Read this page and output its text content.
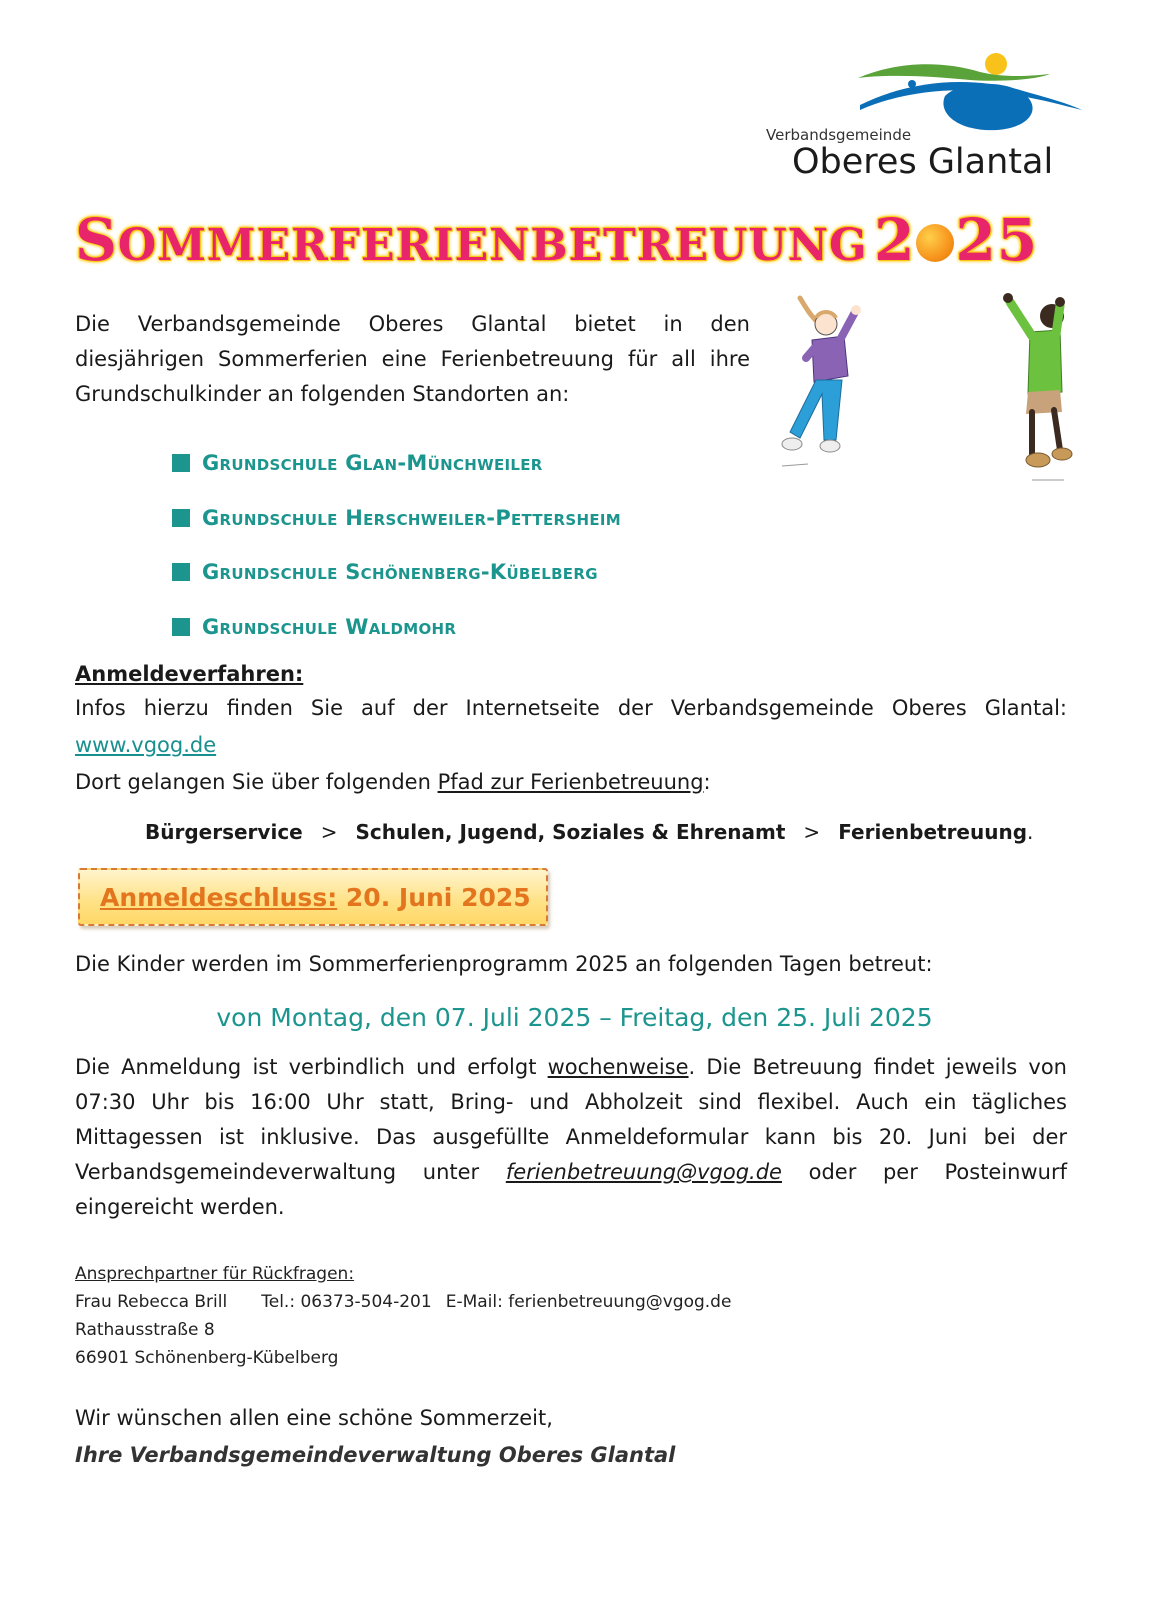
Verbandsgemeinde
Oberes Glantal
SOMMERFERIENBETREUUNG 2 25
Die Verbandsgemeinde Oberes Glantal bietet in den diesjährigen Sommerferien eine Ferienbetreuung für all ihre Grundschulkinder an folgenden Standorten an:
Grundschule Glan-Münchweiler
Grundschule Herschweiler-Pettersheim
Grundschule Schönenberg-Kübelberg
Grundschule Waldmohr
Anmeldeverfahren:
Infos hierzu finden Sie auf der Internetseite der Verbandsgemeinde Oberes Glantal:
www.vgog.de
Dort gelangen Sie über folgenden Pfad zur Ferienbetreuung:
Bürgerservice > Schulen, Jugend, Soziales & Ehrenamt > Ferienbetreuung.
Anmeldeschluss: 20. Juni 2025
Die Kinder werden im Sommerferienprogramm 2025 an folgenden Tagen betreut:
von Montag, den 07. Juli 2025 – Freitag, den 25. Juli 2025
Die Anmeldung ist verbindlich und erfolgt wochenweise. Die Betreuung findet jeweils von 07:30 Uhr bis 16:00 Uhr statt, Bring- und Abholzeit sind flexibel. Auch ein tägliches Mittagessen ist inklusive. Das ausgefüllte Anmeldeformular kann bis 20. Juni bei der Verbandsgemeindeverwaltung unter ferienbetreuung@vgog.de oder per Posteinwurf eingereicht werden.
Ansprechpartner für Rückfragen:
Frau Rebecca Brill Tel.: 06373-504-201 E-Mail: ferienbetreuung@vgog.de
Rathausstraße 8
66901 Schönenberg-Kübelberg
Wir wünschen allen eine schöne Sommerzeit,
Ihre Verbandsgemeindeverwaltung Oberes Glantal
